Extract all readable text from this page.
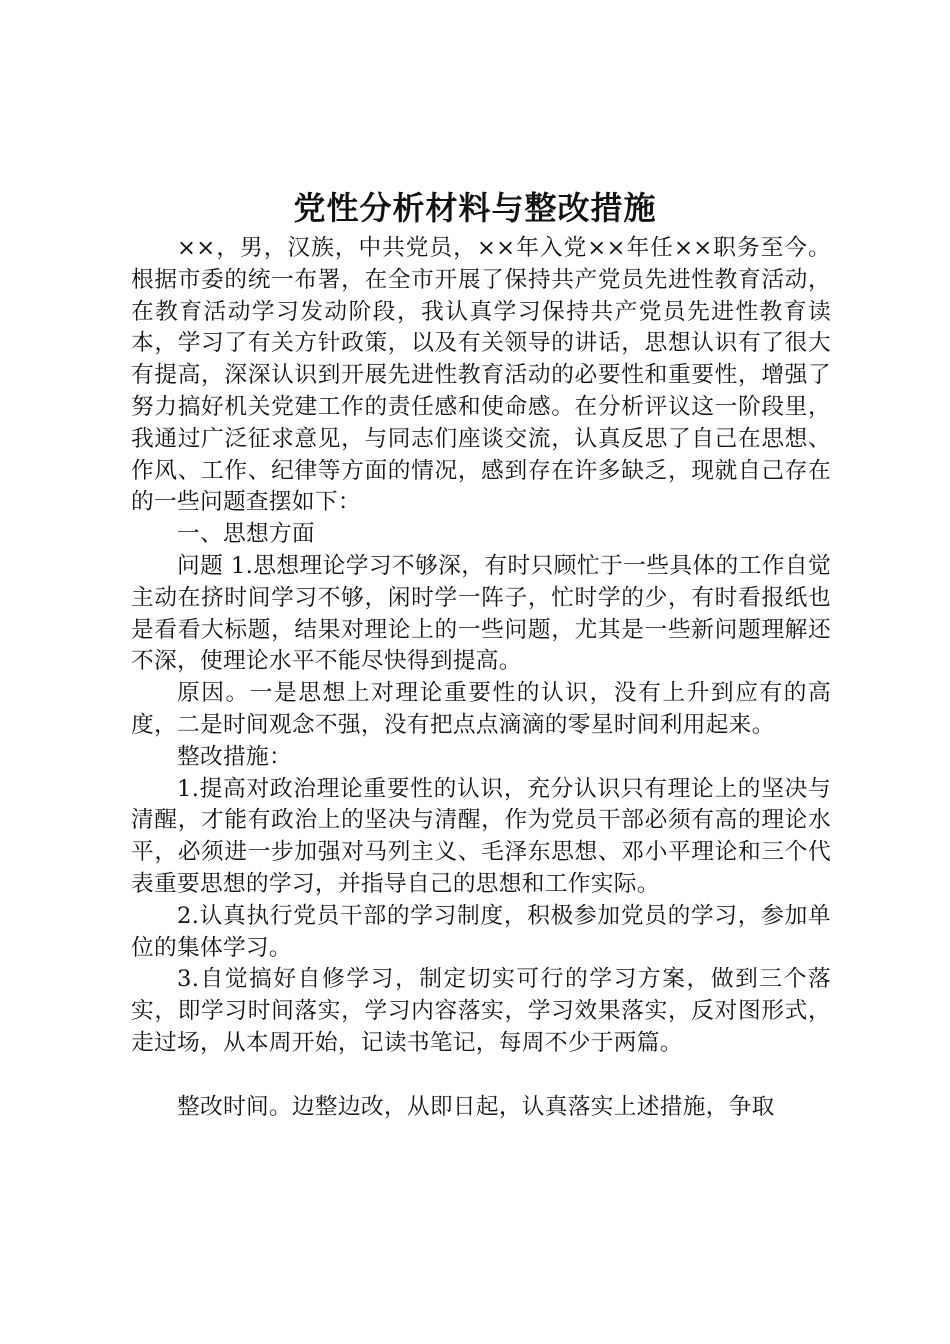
党性分析材料与整改措施

××，男，汉族，中共党员，××年入党××年任××职务至今。根据市委的统一布署，在全市开展了保持共产党员先进性教育活动，在教育活动学习发动阶段，我认真学习保持共产党员先进性教育读本，学习了有关方针政策，以及有关领导的讲话，思想认识有了很大有提高，深深认识到开展先进性教育活动的必要性和重要性，增强了努力搞好机关党建工作的责任感和使命感。在分析评议这一阶段里，我通过广泛征求意见，与同志们座谈交流，认真反思了自己在思想、作风、工作、纪律等方面的情况，感到存在许多缺乏，现就自己存在的一些问题查摆如下：

一、思想方面

问题 1.思想理论学习不够深，有时只顾忙于一些具体的工作自觉主动在挤时间学习不够，闲时学一阵子，忙时学的少，有时看报纸也是看看大标题，结果对理论上的一些问题，尤其是一些新问题理解还不深，使理论水平不能尽快得到提高。

原因。一是思想上对理论重要性的认识，没有上升到应有的高度，二是时间观念不强，没有把点点滴滴的零星时间利用起来。

整改措施：

1.提高对政治理论重要性的认识，充分认识只有理论上的坚决与清醒，才能有政治上的坚决与清醒，作为党员干部必须有高的理论水平，必须进一步加强对马列主义、毛泽东思想、邓小平理论和三个代表重要思想的学习，并指导自己的思想和工作实际。

2.认真执行党员干部的学习制度，积极参加党员的学习，参加单位的集体学习。

3.自觉搞好自修学习，制定切实可行的学习方案，做到三个落实，即学习时间落实，学习内容落实，学习效果落实，反对图形式，走过场，从本周开始，记读书笔记，每周不少于两篇。

整改时间。边整边改，从即日起，认真落实上述措施，争取
